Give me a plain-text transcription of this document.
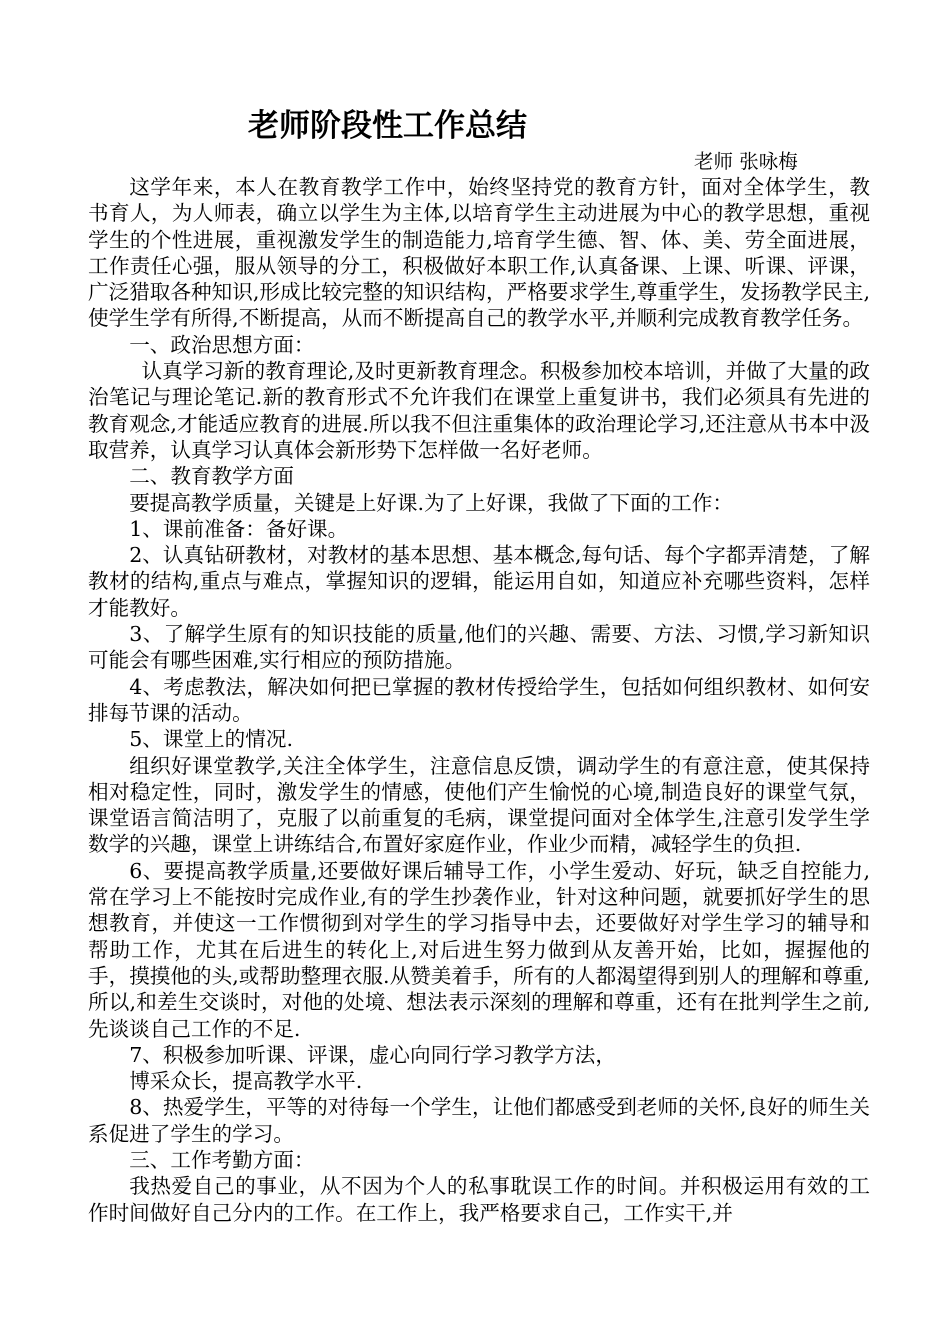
老师阶段性工作总结
老师 张咏梅

这学年来，本人在教育教学工作中，始终坚持党的教育方针，面对全体学生，教书育人，为人师表，确立以学生为主体,以培育学生主动进展为中心的教学思想，重视学生的个性进展，重视激发学生的制造能力,培育学生德、智、体、美、劳全面进展，工作责任心强，服从领导的分工，积极做好本职工作,认真备课、上课、听课、评课，广泛猎取各种知识,形成比较完整的知识结构，严格要求学生,尊重学生，发扬教学民主,使学生学有所得,不断提高，从而不断提高自己的教学水平,并顺利完成教育教学任务。

一、政治思想方面：

认真学习新的教育理论,及时更新教育理念。积极参加校本培训，并做了大量的政治笔记与理论笔记.新的教育形式不允许我们在课堂上重复讲书，我们必须具有先进的教育观念,才能适应教育的进展.所以我不但注重集体的政治理论学习,还注意从书本中汲取营养，认真学习认真体会新形势下怎样做一名好老师。

二、教育教学方面

要提高教学质量，关键是上好课.为了上好课，我做了下面的工作：

1、课前准备：备好课。

2、认真钻研教材，对教材的基本思想、基本概念,每句话、每个字都弄清楚，了解教材的结构,重点与难点，掌握知识的逻辑，能运用自如，知道应补充哪些资料，怎样才能教好。

3、了解学生原有的知识技能的质量,他们的兴趣、需要、方法、习惯,学习新知识可能会有哪些困难,实行相应的预防措施。

4、考虑教法，解决如何把已掌握的教材传授给学生，包括如何组织教材、如何安排每节课的活动。

5、课堂上的情况.

组织好课堂教学,关注全体学生，注意信息反馈，调动学生的有意注意，使其保持相对稳定性，同时，激发学生的情感，使他们产生愉悦的心境,制造良好的课堂气氛，课堂语言简洁明了，克服了以前重复的毛病，课堂提问面对全体学生,注意引发学生学数学的兴趣，课堂上讲练结合,布置好家庭作业，作业少而精，减轻学生的负担.

6、要提高教学质量,还要做好课后辅导工作，小学生爱动、好玩，缺乏自控能力,常在学习上不能按时完成作业,有的学生抄袭作业，针对这种问题，就要抓好学生的思想教育，并使这一工作惯彻到对学生的学习指导中去，还要做好对学生学习的辅导和帮助工作，尤其在后进生的转化上,对后进生努力做到从友善开始，比如，握握他的手，摸摸他的头,或帮助整理衣服.从赞美着手，所有的人都渴望得到别人的理解和尊重,所以,和差生交谈时，对他的处境、想法表示深刻的理解和尊重，还有在批判学生之前,先谈谈自己工作的不足.

7、积极参加听课、评课，虚心向同行学习教学方法，

博采众长，提高教学水平.

8、热爱学生，平等的对待每一个学生，让他们都感受到老师的关怀,良好的师生关系促进了学生的学习。

三、工作考勤方面：

我热爱自己的事业，从不因为个人的私事耽误工作的时间。并积极运用有效的工作时间做好自己分内的工作。在工作上，我严格要求自己，工作实干,并
